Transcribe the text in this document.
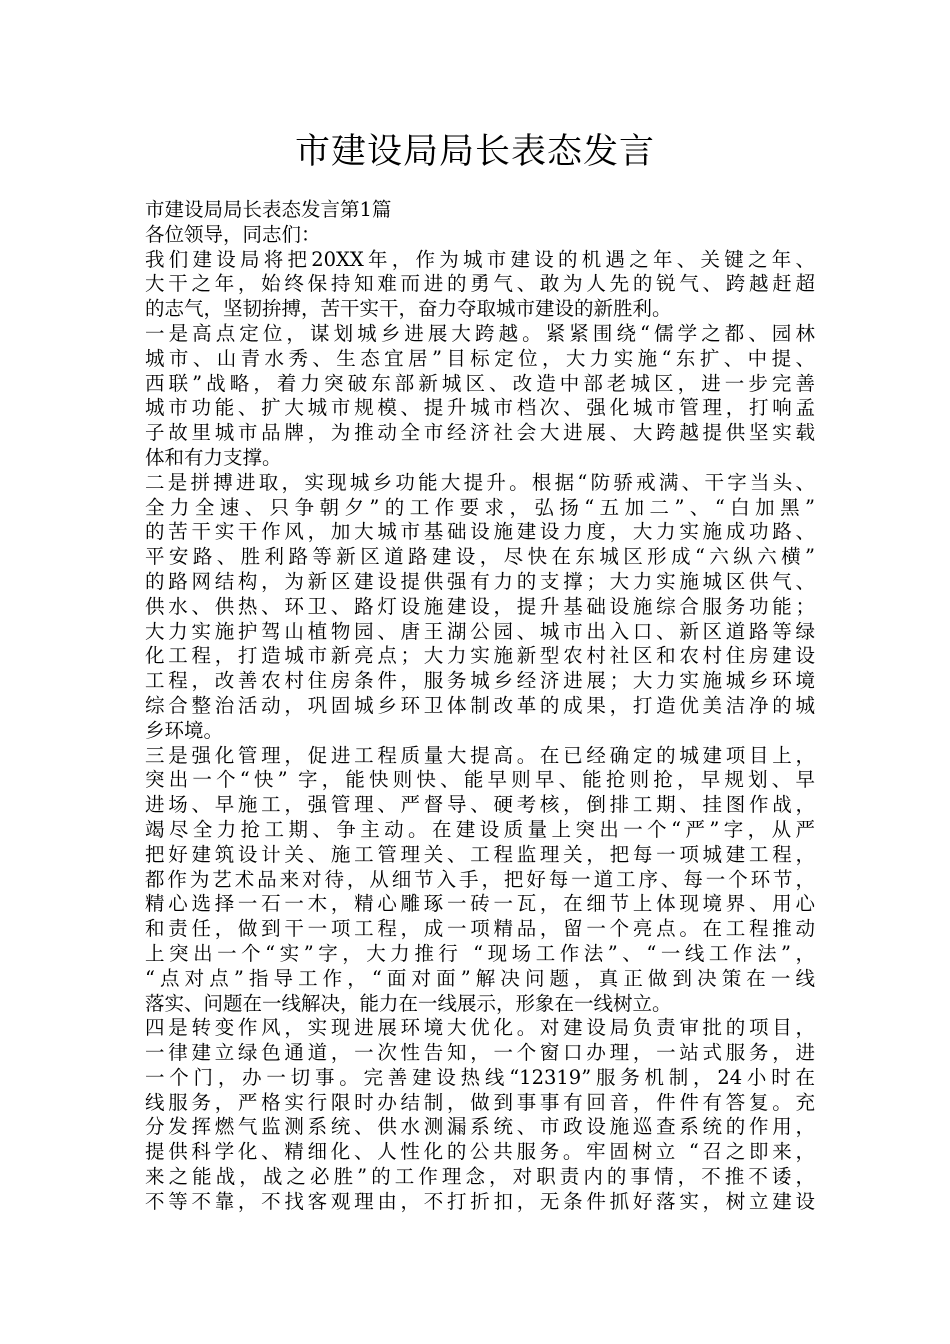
市建设局局长表态发言
市建设局局长表态发言第1篇
各位领导，同志们：
我们建设局将把20XX年，作为城市建设的机遇之年、关键之年、
大干之年，始终保持知难而进的勇气、敢为人先的锐气、跨越赶超
的志气，坚韧拚搏，苦干实干，奋力夺取城市建设的新胜利。
一是高点定位，谋划城乡进展大跨越。紧紧围绕“儒学之都、园林
城市、山青水秀、生态宜居”目标定位，大力实施“东扩、中提、
西联”战略，着力突破东部新城区、改造中部老城区，进一步完善
城市功能、扩大城市规模、提升城市档次、强化城市管理，打响孟
子故里城市品牌，为推动全市经济社会大进展、大跨越提供坚实载
体和有力支撑。
二是拼搏进取，实现城乡功能大提升。根据“防骄戒满、干字当头、
全力全速、只争朝夕”的工作要求，弘扬“五加二”、“白加黑”
的苦干实干作风，加大城市基础设施建设力度，大力实施成功路、
平安路、胜利路等新区道路建设，尽快在东城区形成“六纵六横”
的路网结构，为新区建设提供强有力的支撑；大力实施城区供气、
供水、供热、环卫、路灯设施建设，提升基础设施综合服务功能；
大力实施护驾山植物园、唐王湖公园、城市出入口、新区道路等绿
化工程，打造城市新亮点；大力实施新型农村社区和农村住房建设
工程，改善农村住房条件，服务城乡经济进展；大力实施城乡环境
综合整治活动，巩固城乡环卫体制改革的成果，打造优美洁净的城
乡环境。
三是强化管理，促进工程质量大提高。在已经确定的城建项目上，
突出一个“快” 字，能快则快、能早则早、能抢则抢，早规划、早
进场、早施工，强管理、严督导、硬考核，倒排工期、挂图作战，
竭尽全力抢工期、争主动。在建设质量上突出一个“严”字，从严
把好建筑设计关、施工管理关、工程监理关，把每一项城建工程，
都作为艺术品来对待，从细节入手，把好每一道工序、每一个环节，
精心选择一石一木，精心雕琢一砖一瓦，在细节上体现境界、用心
和责任，做到干一项工程，成一项精品，留一个亮点。在工程推动
上突出一个“实”字，大力推行 “现场工作法”、“一线工作法”，
“点对点”指导工作，“面对面”解决问题，真正做到决策在一线
落实、问题在一线解决，能力在一线展示，形象在一线树立。
四是转变作风，实现进展环境大优化。对建设局负责审批的项目，
一律建立绿色通道，一次性告知，一个窗口办理，一站式服务，进
一个门，办一切事。完善建设热线“12319”服务机制，24小时在
线服务，严格实行限时办结制，做到事事有回音，件件有答复。充
分发挥燃气监测系统、供水测漏系统、市政设施巡查系统的作用，
提供科学化、精细化、人性化的公共服务。牢固树立 “召之即来，
来之能战，战之必胜”的工作理念，对职责内的事情，不推不诿，
不等不靠，不找客观理由，不打折扣，无条件抓好落实，树立建设
